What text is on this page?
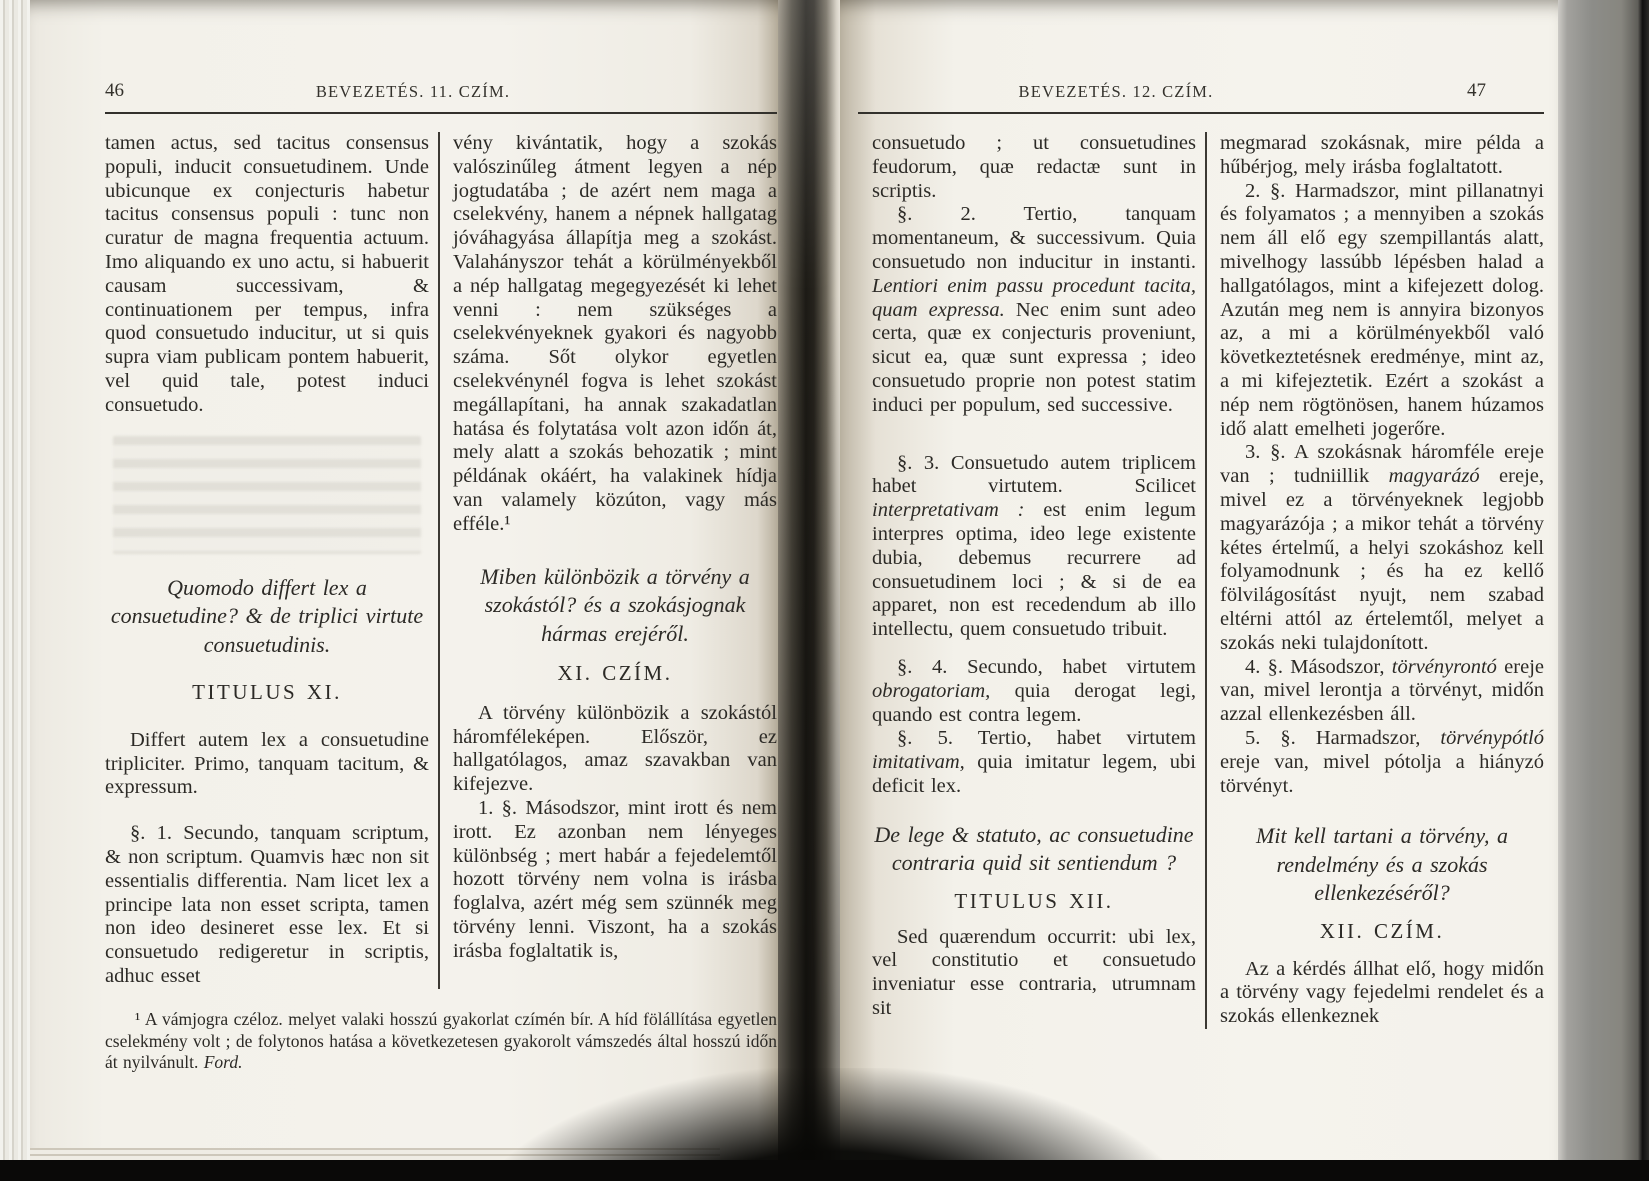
46	BEVEZETÉS. 11. CZÍM.

tamen actus, sed tacitus consensus populi, inducit consuetudinem. Unde ubicunque ex conjecturis habetur tacitus consensus populi : tunc non curatur de magna frequentia actuum. Imo aliquando ex uno actu, si habuerit causam successivam, & continuationem per tempus, infra quod consuetudo inducitur, ut si quis supra viam publicam pontem habuerit, vel quid tale, potest induci consuetudo.

Quomodo differt lex a consuetudine? & de triplici virtute consuetudinis.

TITULUS XI.

Differt autem lex a consuetudine tripliciter. Primo, tanquam tacitum, & expressum.

§. 1. Secundo, tanquam scriptum, & non scriptum. Quamvis hæc non sit essentialis differentia. Nam licet lex a principe lata non esset scripta, tamen non ideo desineret esse lex. Et si consuetudo redigeretur in scriptis, adhuc esset

vény kivántatik, hogy a szokás valószinűleg átment legyen a nép jogtudatába ; de azért nem maga a cselekvény, hanem a népnek hallgatag jóváhagyása állapítja meg a szokást. Valahányszor tehát a körülményekből a nép hallgatag megegyezését ki lehet venni : nem szükséges a cselekvényeknek gyakori és nagyobb száma. Sőt olykor egyetlen cselekvénynél fogva is lehet szokást megállapítani, ha annak szakadatlan hatása és folytatása volt azon időn át, mely alatt a szokás behozatik ; mint példának okáért, ha valakinek hídja van valamely közúton, vagy más efféle.¹

Miben különbözik a törvény a szokástól? és a szokásjognak hármas erejéről.

XI. CZÍM.

A törvény különbözik a szokástól háromféleképen. Először, ez hallgatólagos, amaz szavakban van kifejezve.

1. §. Másodszor, mint irott és nem irott. Ez azonban nem lényeges különbség ; mert habár a fejedelemtől hozott törvény nem volna is irásba foglalva, azért még sem szünnék meg törvény lenni. Viszont, ha a szokás irásba foglaltatik is,

¹ A vámjogra czéloz. melyet valaki hosszú gyakorlat czímén bír. A híd fölállítása egyetlen cselekmény volt ; de folytonos hatása a következetesen gyakorolt vámszedés által hosszú időn át nyilvánult. Ford.

BEVEZETÉS. 12. CZÍM.	47

consuetudo ; ut consuetudines feudorum, quæ redactæ sunt in scriptis.

§. 2. Tertio, tanquam momentaneum, & successivum. Quia consuetudo non inducitur in instanti. Lentiori enim passu procedunt tacita, quam expressa. Nec enim sunt adeo certa, quæ ex conjecturis proveniunt, sicut ea, quæ sunt expressa ; ideo consuetudo proprie non potest statim induci per populum, sed successive.

§. 3. Consuetudo autem triplicem habet virtutem. Scilicet interpretativam : est enim legum interpres optima, ideo lege existente dubia, debemus recurrere ad consuetudinem loci ; & si de ea apparet, non est recedendum ab illo intellectu, quem consuetudo tribuit.

§. 4. Secundo, habet virtutem obrogatoriam, quia derogat legi, quando est contra legem.

§. 5. Tertio, habet virtutem imitativam, quia imitatur legem, ubi deficit lex.

De lege & statuto, ac consuetudine contraria quid sit sentiendum ?

TITULUS XII.

Sed quærendum occurrit: ubi lex, vel constitutio et consuetudo inveniatur esse contraria, utrumnam sit

megmarad szokásnak, mire példa a hűbérjog, mely irásba foglaltatott.

2. §. Harmadszor, mint pillanatnyi és folyamatos ; a mennyiben a szokás nem áll elő egy szempillantás alatt, mivelhogy lassúbb lépésben halad a hallgatólagos, mint a kifejezett dolog. Azután meg nem is annyira bizonyos az, a mi a körülményekből való következtetésnek eredménye, mint az, a mi kifejeztetik. Ezért a szokást a nép nem rögtönösen, hanem húzamos idő alatt emelheti jogerőre.

3. §. A szokásnak háromféle ereje van ; tudniillik magyarázó ereje, mivel ez a törvényeknek legjobb magyarázója ; a mikor tehát a törvény kétes értelmű, a helyi szokáshoz kell folyamodnunk ; és ha ez kellő fölvilágosítást nyujt, nem szabad eltérni attól az értelemtől, melyet a szokás neki tulajdonított.

4. §. Másodszor, törvényrontó ereje van, mivel lerontja a törvényt, midőn azzal ellenkezésben áll.

5. §. Harmadszor, törvénypótló ereje van, mivel pótolja a hiányzó törvényt.

Mit kell tartani a törvény, a rendelmény és a szokás ellenkezéséről?

XII. CZÍM.

Az a kérdés állhat elő, hogy midőn a törvény vagy fejedelmi rendelet és a szokás ellenkeznek
